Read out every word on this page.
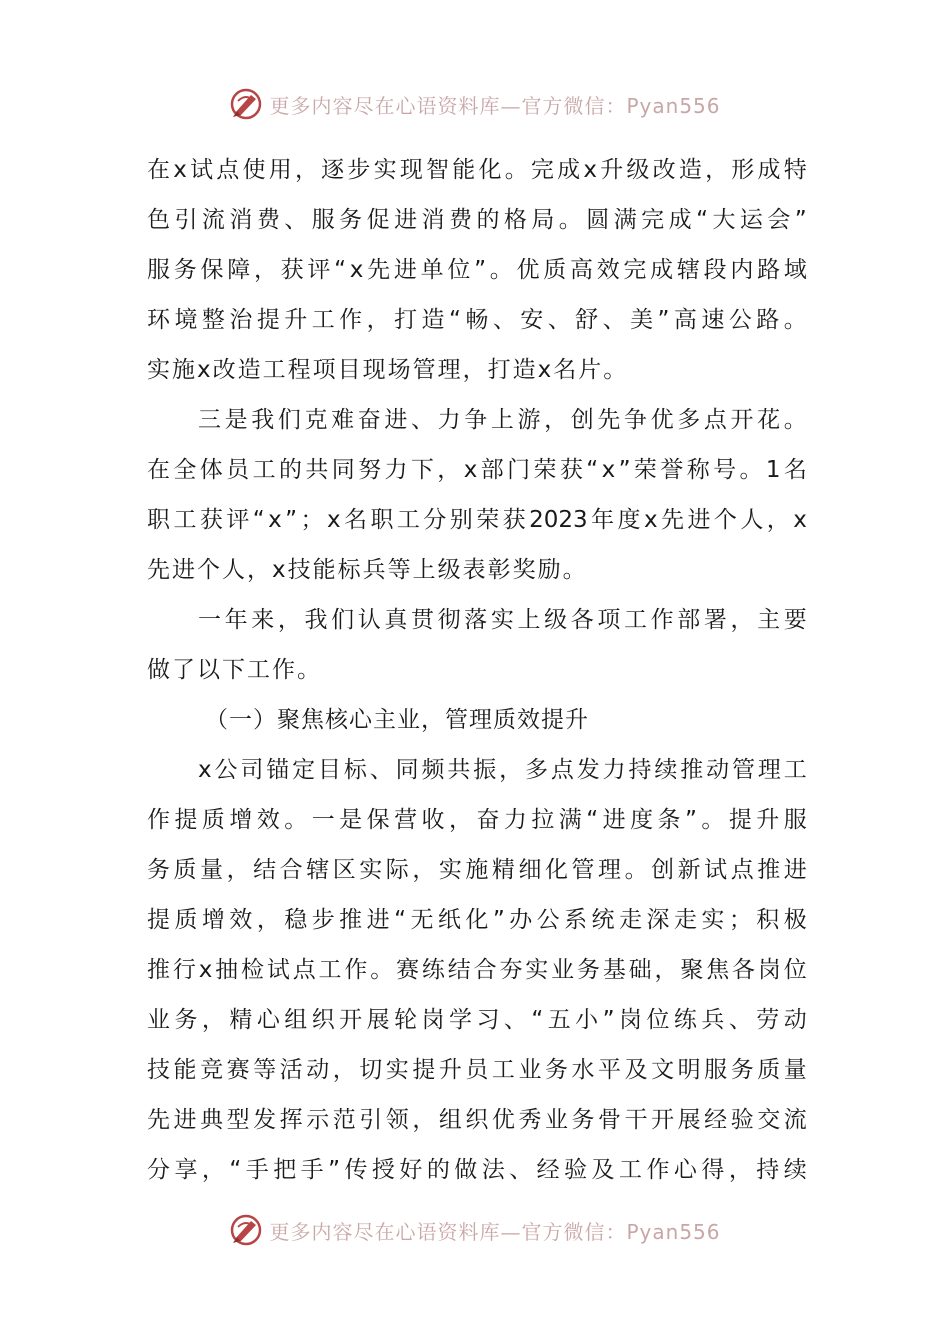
更多内容尽在心语资料库—官方微信：Pyan556
在 x 试 点 使 用 ， 逐 步 实 现 智 能 化 。 完 成 x 升 级 改 造 ， 形 成 特
色 引 流 消 费 、 服 务 促 进 消 费 的 格 局 。 圆 满 完 成 “ 大 运 会 ”
服 务 保 障 ， 获 评 “ x 先 进 单 位 ” 。 优 质 高 效 完 成 辖 段 内 路 域
环 境 整 治 提 升 工 作 ， 打 造 “ 畅 、 安 、 舒 、 美 ” 高 速 公 路 。
实施x改造工程项目现场管理，打造x名片。
三 是 我 们 克 难 奋 进 、 力 争 上 游 ， 创 先 争 优 多 点 开 花 。
在 全 体 员 工 的 共 同 努 力 下 ， x 部 门 荣 获 “ x ” 荣 誉 称 号 。 1 名
职 工 获 评 “ x ” ； x 名 职 工 分 别 荣 获 2023 年 度 x 先 进 个 人 ， x
先进个人，x技能标兵等上级表彰奖励。
一 年 来 ， 我 们 认 真 贯 彻 落 实 上 级 各 项 工 作 部 署 ， 主 要
做了以下工作。
（一）聚焦核心主业，管理质效提升
x 公 司 锚 定 目 标 、 同 频 共 振 ， 多 点 发 力 持 续 推 动 管 理 工
作 提 质 增 效 。 一 是 保 营 收 ， 奋 力 拉 满 “ 进 度 条 ” 。 提 升 服
务 质 量 ， 结 合 辖 区 实 际 ， 实 施 精 细 化 管 理 。 创 新 试 点 推 进
提 质 增 效 ， 稳 步 推 进 “ 无 纸 化 ” 办 公 系 统 走 深 走 实 ； 积 极
推 行 x 抽 检 试 点 工 作 。 赛 练 结 合 夯 实 业 务 基 础 ， 聚 焦 各 岗 位
业 务 ， 精 心 组 织 开 展 轮 岗 学 习 、 “ 五 小 ” 岗 位 练 兵 、 劳 动
技 能 竞 赛 等 活 动 ， 切 实 提 升 员 工 业 务 水 平 及 文 明 服 务 质 量
先 进 典 型 发 挥 示 范 引 领 ， 组 织 优 秀 业 务 骨 干 开 展 经 验 交 流
分 享 ， “ 手 把 手 ” 传 授 好 的 做 法 、 经 验 及 工 作 心 得 ， 持 续
更多内容尽在心语资料库—官方微信：Pyan556
